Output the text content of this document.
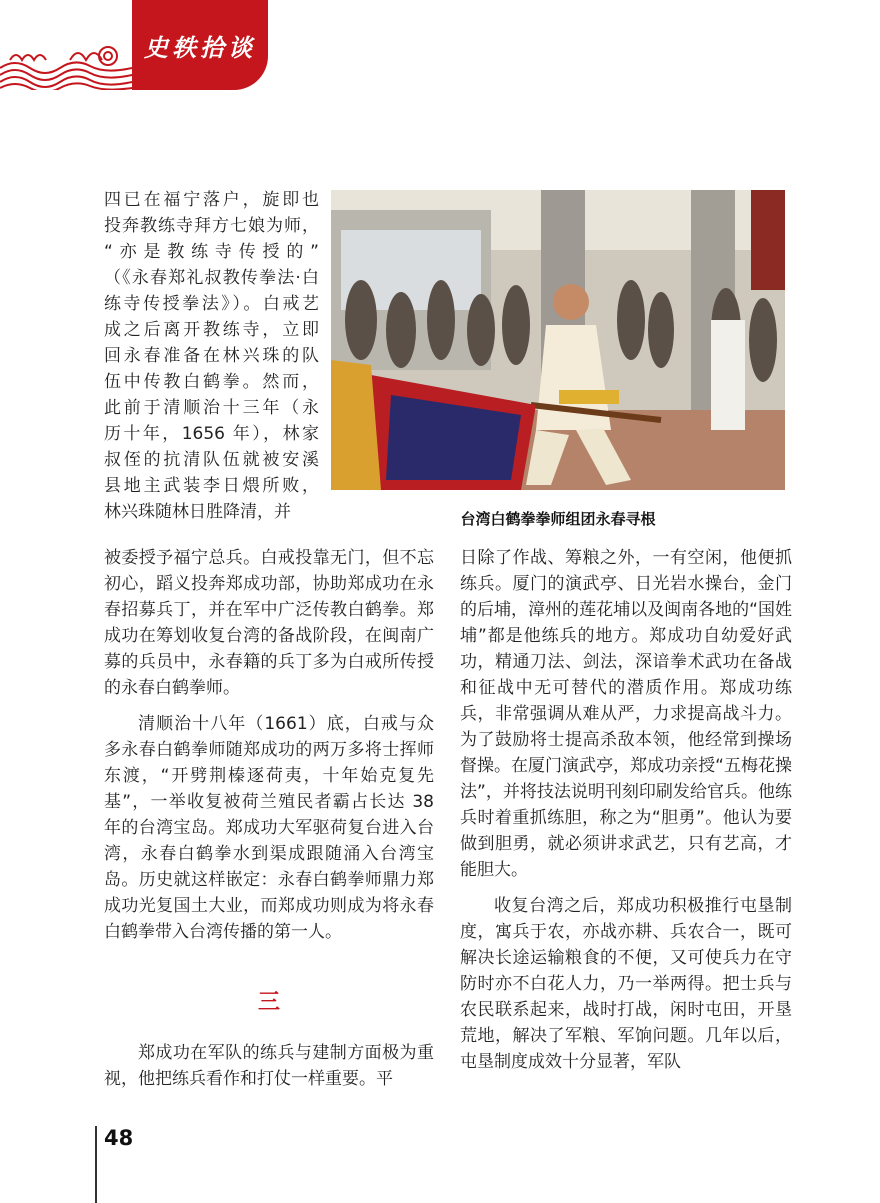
史轶拾谈

四已在福宁落户，旋即也

投奔教练寺拜方七娘为师，

“亦是教练寺传授的”

（《永春郑礼叔教传拳法·白

练寺传授拳法》）。白戒艺

成之后离开教练寺，立即

回永春准备在林兴珠的队

伍中传教白鹤拳。然而，

此前于清顺治十三年（永

历十年，1656 年），林家

叔侄的抗清队伍就被安溪

县地主武装李日煨所败，

林兴珠随林日胜降清，并	台湾白鹤拳拳师组团永春寻根

被委授予福宁总兵。白戒投靠无门，但不忘初心，蹈义投奔郑成功部，协助郑成功在永春招募兵丁，并在军中广泛传教白鹤拳。郑成功在筹划收复台湾的备战阶段，在闽南广募的兵员中，永春籍的兵丁多为白戒所传授的永春白鹤拳师。

清顺治十八年（1661）底，白戒与众多永春白鹤拳师随郑成功的两万多将士挥师东渡，“开劈荆榛逐荷夷，十年始克复先基”，一举收复被荷兰殖民者霸占长达 38 年的台湾宝岛。郑成功大军驱荷复台进入台湾，永春白鹤拳水到渠成跟随涌入台湾宝岛。历史就这样嵌定：永春白鹤拳师鼎力郑成功光复国土大业，而郑成功则成为将永春白鹤拳带入台湾传播的第一人。

三

郑成功在军队的练兵与建制方面极为重视，他把练兵看作和打仗一样重要。平

日除了作战、筹粮之外，一有空闲，他便抓练兵。厦门的演武亭、日光岩水操台，金门的后埔，漳州的莲花埔以及闽南各地的“国姓埔”都是他练兵的地方。郑成功自幼爱好武功，精通刀法、剑法，深谙拳术武功在备战和征战中无可替代的潜质作用。郑成功练兵，非常强调从难从严，力求提高战斗力。为了鼓励将士提高杀敌本领，他经常到操场督操。在厦门演武亭，郑成功亲授“五梅花操法”，并将技法说明刊刻印刷发给官兵。他练兵时着重抓练胆，称之为“胆勇”。他认为要做到胆勇，就必须讲求武艺，只有艺高，才能胆大。

收复台湾之后，郑成功积极推行屯垦制度，寓兵于农，亦战亦耕、兵农合一，既可解决长途运输粮食的不便，又可使兵力在守防时亦不白花人力，乃一举两得。把士兵与农民联系起来，战时打战，闲时屯田，开垦荒地，解决了军粮、军饷问题。几年以后，屯垦制度成效十分显著，军队

48
